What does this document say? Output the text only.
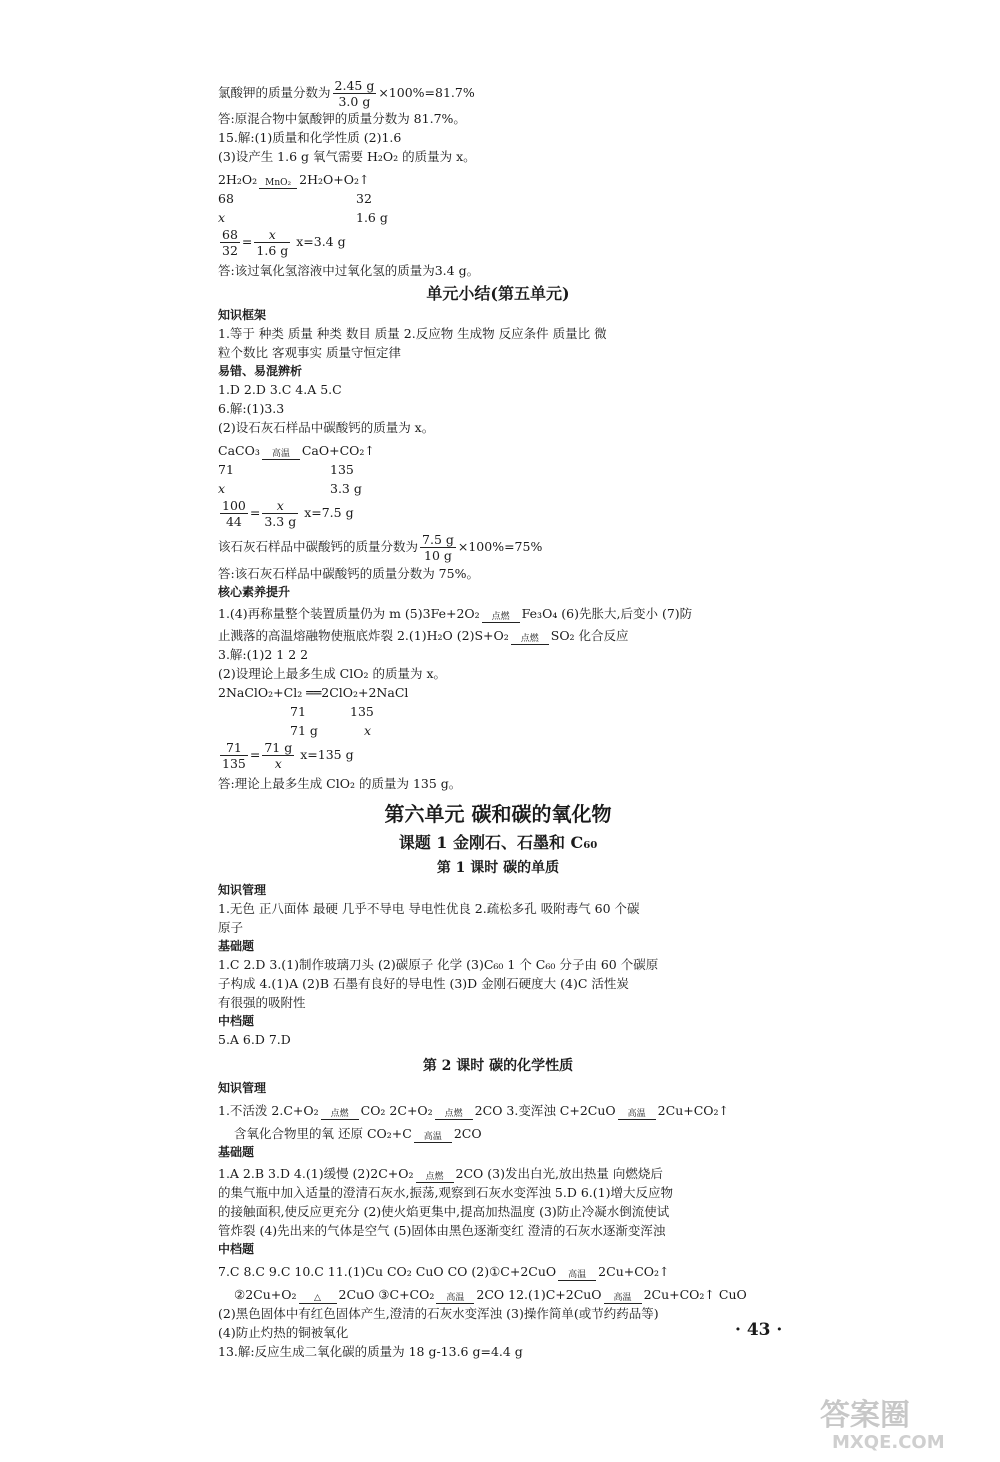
氯酸钾的质量分数为 $\frac{2.45 g}{3.0 g} \times 100\%=81.7\%$
答:原混合物中氯酸钾的质量分数为 81.7%。
15.解:(1)质量和化学性质 (2)1.6
(3)设产生 1.6 g 氧气需要 H₂O₂ 的质量为 x。
2H₂O₂ MnO₂ 2H₂O+O₂↑
68	32
x	1.6 g
$\frac{68}{32} = \frac{x}{1.6 g} x=3.4$ g
答:该过氧化氢溶液中过氧化氢的质量为3.4 g。
单元小结(第五单元)
知识框架
1.等于 种类 质量 种类 数目 质量 2.反应物 生成物 反应条件 质量比 微
粒个数比 客观事实 质量守恒定律
易错、易混辨析
1.D 2.D 3.C 4.A 5.C
6.解:(1)3.3
(2)设石灰石样品中碳酸钙的质量为 x。
CaCO₃	高温 CaO+CO₂↑
71	135
x	3.3 g
$\frac{100}{44} = \frac{x}{3.3 g} x=7.5$ g
该石灰石样品中碳酸钙的质量分数为 $\frac{7.5 g}{10 g} \times 100\%=75\%$
答:该石灰石样品中碳酸钙的质量分数为 75%。
核心素养提升
1.(4)再称量整个装置质量仍为 m (5)3Fe+2O₂	点燃 Fe₃O₄ (6)先胀大,后变小 (7)防
止溅落的高温熔融物使瓶底炸裂 2.(1)H₂O (2)S+O₂	点燃 SO₂ 化合反应
3.解:(1)2 1 2 2
(2)设理论上最多生成 ClO₂ 的质量为 x。
2NaClO₂+Cl₂ ══2ClO₂+2NaCl
71	135
71 g	x
$\frac{71}{135} = \frac{71 g}{x} x=135$ g
答:理论上最多生成 ClO₂ 的质量为 135 g。
第六单元 碳和碳的氧化物
课题 1 金刚石、石墨和 C₆₀
第 1 课时 碳的单质
知识管理
1.无色 正八面体 最硬 几乎不导电 导电性优良 2.疏松多孔 吸附毒气 60 个碳
原子
基础题
1.C 2.D 3.(1)制作玻璃刀头 (2)碳原子 化学 (3)C₆₀ 1 个 C₆₀ 分子由 60 个碳原
子构成 4.(1)A (2)B 石墨有良好的导电性 (3)D 金刚石硬度大 (4)C 活性炭
有很强的吸附性
中档题
5.A 6.D 7.D
第 2 课时 碳的化学性质
知识管理
1.不活泼 2.C+O₂	点燃 CO₂ 2C+O₂	点燃 2CO 3.变浑浊 C+2CuO	高温 2Cu+CO₂↑
含氧化合物里的氧 还原 CO₂+C	高温 2CO
基础题
1.A 2.B 3.D 4.(1)缓慢 (2)2C+O₂	点燃 2CO (3)发出白光,放出热量 向燃烧后
的集气瓶中加入适量的澄清石灰水,振荡,观察到石灰水变浑浊 5.D 6.(1)增大反应物
的接触面积,使反应更充分 (2)使火焰更集中,提高加热温度 (3)防止冷凝水倒流使试
管炸裂 (4)先出来的气体是空气 (5)固体由黑色逐渐变红 澄清的石灰水逐渐变浑浊
中档题
7.C 8.C 9.C 10.C 11.(1)Cu CO₂ CuO CO (2)①C+2CuO	高温 2Cu+CO₂↑
②2Cu+O₂	△	2CuO ③C+CO₂	高温 2CO 12.(1)C+2CuO	高温 2Cu+CO₂↑ CuO
(2)黑色固体中有红色固体产生,澄清的石灰水变浑浊 (3)操作简单(或节约药品等)
(4)防止灼热的铜被氧化
13.解:反应生成二氧化碳的质量为 18 g-13.6 g=4.4 g
· 43 ·
答案圈
MXQE.COM
